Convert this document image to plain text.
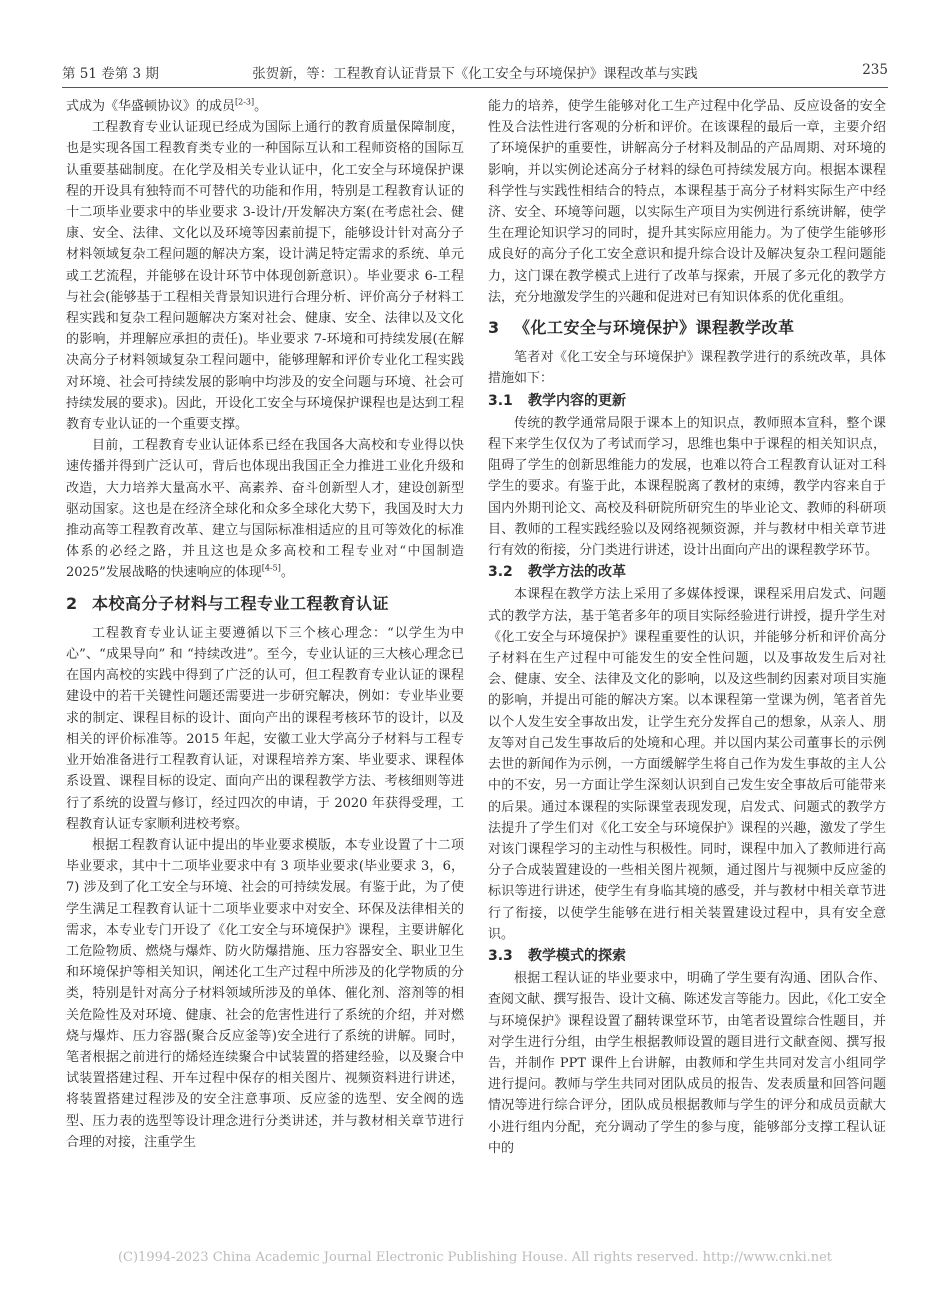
第 51 卷第 3 期	张贺新，等：工程教育认证背景下《化工安全与环境保护》课程改革与实践	235

式成为《华盛顿协议》的成员[2-3]。

工程教育专业认证现已经成为国际上通行的教育质量保障制度，也是实现各国工程教育类专业的一种国际互认和工程师资格的国际互认重要基础制度。在化学及相关专业认证中，化工安全与环境保护课程的开设具有独特而不可替代的功能和作用，特别是工程教育认证的十二项毕业要求中的毕业要求 3-设计/开发解决方案(在考虑社会、健康、安全、法律、文化以及环境等因素前提下，能够设计针对高分子材料领域复杂工程问题的解决方案，设计满足特定需求的系统、单元或工艺流程，并能够在设计环节中体现创新意识）。毕业要求 6-工程与社会(能够基于工程相关背景知识进行合理分析、评价高分子材料工程实践和复杂工程问题解决方案对社会、健康、安全、法律以及文化的影响，并理解应承担的责任)。毕业要求 7-环境和可持续发展(在解决高分子材料领域复杂工程问题中，能够理解和评价专业化工程实践对环境、社会可持续发展的影响中均涉及的安全问题与环境、社会可持续发展的要求)。因此，开设化工安全与环境保护课程也是达到工程教育专业认证的一个重要支撑。

目前，工程教育专业认证体系已经在我国各大高校和专业得以快速传播并得到广泛认可，背后也体现出我国正全力推进工业化升级和改造，大力培养大量高水平、高素养、奋斗创新型人才，建设创新型驱动国家。这也是在经济全球化和众多全球化大势下，我国及时大力推动高等工程教育改革、建立与国际标准相适应的且可等效化的标准体系的必经之路，并且这也是众多高校和工程专业对“中国制造 2025”发展战略的快速响应的体现[4-5]。

2 本校高分子材料与工程专业工程教育认证

工程教育专业认证主要遵循以下三个核心理念：“以学生为中心”、“成果导向” 和 “持续改进”。至今，专业认证的三大核心理念已在国内高校的实践中得到了广泛的认可，但工程教育专业认证的课程建设中的若干关键性问题还需要进一步研究解决，例如：专业毕业要求的制定、课程目标的设计、面向产出的课程考核环节的设计，以及相关的评价标准等。2015 年起，安徽工业大学高分子材料与工程专业开始准备进行工程教育认证，对课程培养方案、毕业要求、课程体系设置、课程目标的设定、面向产出的课程教学方法、考核细则等进行了系统的设置与修订，经过四次的申请，于 2020 年获得受理，工程教育认证专家顺利进校考察。

根据工程教育认证中提出的毕业要求模版，本专业设置了十二项毕业要求，其中十二项毕业要求中有 3 项毕业要求(毕业要求 3，6，7) 涉及到了化工安全与环境、社会的可持续发展。有鉴于此，为了使学生满足工程教育认证十二项毕业要求中对安全、环保及法律相关的需求，本专业专门开设了《化工安全与环境保护》课程，主要讲解化工危险物质、燃烧与爆炸、防火防爆措施、压力容器安全、职业卫生和环境保护等相关知识，阐述化工生产过程中所涉及的化学物质的分类，特别是针对高分子材料领域所涉及的单体、催化剂、溶剂等的相关危险性及对环境、健康、社会的危害性进行了系统的介绍，并对燃烧与爆炸、压力容器(聚合反应釜等)安全进行了系统的讲解。同时，笔者根据之前进行的烯烃连续聚合中试装置的搭建经验，以及聚合中试装置搭建过程、开车过程中保存的相关图片、视频资料进行讲述，将装置搭建过程涉及的安全注意事项、反应釜的选型、安全阀的选型、压力表的选型等设计理念进行分类讲述，并与教材相关章节进行合理的对接，注重学生

能力的培养，使学生能够对化工生产过程中化学品、反应设备的安全性及合法性进行客观的分析和评价。在该课程的最后一章，主要介绍了环境保护的重要性，讲解高分子材料及制品的产品周期、对环境的影响，并以实例论述高分子材料的绿色可持续发展方向。根据本课程科学性与实践性相结合的特点，本课程基于高分子材料实际生产中经济、安全、环境等问题，以实际生产项目为实例进行系统讲解，使学生在理论知识学习的同时，提升其实际应用能力。为了使学生能够形成良好的高分子化工安全意识和提升综合设计及解决复杂工程问题能力，这门课在教学模式上进行了改革与探索，开展了多元化的教学方法，充分地激发学生的兴趣和促进对已有知识体系的优化重组。

3 《化工安全与环境保护》课程教学改革

笔者对《化工安全与环境保护》课程教学进行的系统改革，具体措施如下：

3.1 教学内容的更新

传统的教学通常局限于课本上的知识点，教师照本宣科，整个课程下来学生仅仅为了考试而学习，思维也集中于课程的相关知识点，阻碍了学生的创新思维能力的发展，也难以符合工程教育认证对工科学生的要求。有鉴于此，本课程脱离了教材的束缚，教学内容来自于国内外期刊论文、高校及科研院所研究生的毕业论文、教师的科研项目、教师的工程实践经验以及网络视频资源，并与教材中相关章节进行有效的衔接，分门类进行讲述，设计出面向产出的课程教学环节。

3.2 教学方法的改革

本课程在教学方法上采用了多媒体授课，课程采用启发式、问题式的教学方法，基于笔者多年的项目实际经验进行讲授，提升学生对《化工安全与环境保护》课程重要性的认识，并能够分析和评价高分子材料在生产过程中可能发生的安全性问题，以及事故发生后对社会、健康、安全、法律及文化的影响，以及这些制约因素对项目实施的影响，并提出可能的解决方案。以本课程第一堂课为例，笔者首先以个人发生安全事故出发，让学生充分发挥自己的想象，从亲人、朋友等对自己发生事故后的处境和心理。并以国内某公司董事长的示例去世的新闻作为示例，一方面缓解学生将自己作为发生事故的主人公中的不安，另一方面让学生深刻认识到自己发生安全事故后可能带来的后果。通过本课程的实际课堂表现发现，启发式、问题式的教学方法提升了学生们对《化工安全与环境保护》课程的兴趣，激发了学生对该门课程学习的主动性与积极性。同时，课程中加入了教师进行高分子合成装置建设的一些相关图片视频，通过图片与视频中反应釜的标识等进行讲述，使学生有身临其境的感受，并与教材中相关章节进行了衔接，以使学生能够在进行相关装置建设过程中，具有安全意识。

3.3 教学模式的探索

根据工程认证的毕业要求中，明确了学生要有沟通、团队合作、查阅文献、撰写报告、设计文稿、陈述发言等能力。因此，《化工安全与环境保护》课程设置了翻转课堂环节，由笔者设置综合性题目，并对学生进行分组，由学生根据教师设置的题目进行文献查阅、撰写报告，并制作 PPT 课件上台讲解，由教师和学生共同对发言小组同学进行提问。教师与学生共同对团队成员的报告、发表质量和回答问题情况等进行综合评分，团队成员根据教师与学生的评分和成员贡献大小进行组内分配，充分调动了学生的参与度，能够部分支撑工程认证中的

(C)1994-2023 China Academic Journal Electronic Publishing House. All rights reserved. http://www.cnki.net
